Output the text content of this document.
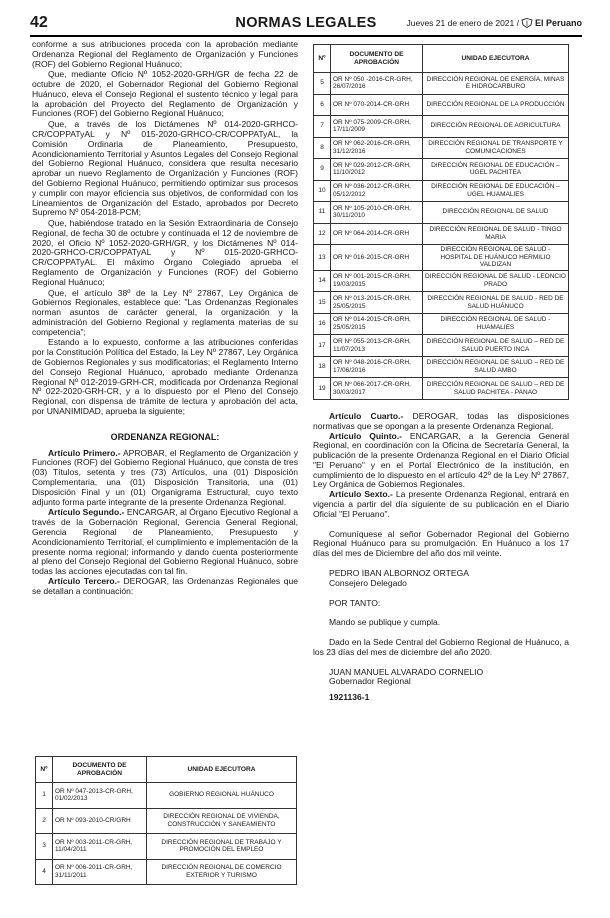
42	NORMAS LEGALES	Jueves 21 de enero de 2021 / El Peruano

conforme a sus atribuciones proceda con la aprobación mediante Ordenanza Regional del Reglamento de Organización y Funciones (ROF) del Gobierno Regional Huánuco;

Que, mediante Oficio Nº 1052-2020-GRH/GR de fecha 22 de octubre de 2020, el Gobernador Regional del Gobierno Regional Huánuco, eleva el Consejo Regional el sustento técnico y legal para la aprobación del Proyecto del Reglamento de Organización y Funciones (ROF) del Gobierno Regional Huánuco;

Que, a través de los Dictámenes Nº 014-2020-GRHCO-CR/COPPATyAL y Nº 015-2020-GRHCO-CR/COPPATyAL, la Comisión Ordinaria de Planeamiento, Presupuesto, Acondicionamiento Territorial y Asuntos Legales del Consejo Regional del Gobierno Regional Huánuco, considera que resulta necesario aprobar un nuevo Reglamento de Organización y Funciones (ROF) del Gobierno Regional Huánuco, permitiendo optimizar sus procesos y cumplir con mayor eficiencia sus objetivos, de conformidad con los Lineamientos de Organización del Estado, aprobados por Decreto Supremo Nº 054-2018-PCM;

Que, habiéndose tratado en la Sesión Extraordinaria de Consejo Regional, de fecha 30 de octubre y continuada el 12 de noviembre de 2020, el Oficio Nº 1052-2020-GRH/GR, y los Dictámenes Nº 014-2020-GRHCO-CR/COPPATyAL y Nº 015-2020-GRHCO-CR/COPPATyAL. El máximo Órgano Colegiado aprueba el Reglamento de Organización y Funciones (ROF) del Gobierno Regional Huánuco;

Que, el artículo 38º de la Ley Nº 27867, Ley Orgánica de Gobiernos Regionales, establece que: "Las Ordenanzas Regionales norman asuntos de carácter general, la organización y la administración del Gobierno Regional y reglamenta materias de su competencia";

Estando a lo expuesto, conforme a las atribuciones conferidas por la Constitución Política del Estado, la Ley Nº 27867, Ley Orgánica de Gobiernos Regionales y sus modificatorias; el Reglamento Interno del Consejo Regional Huánuco, aprobado mediante Ordenanza Regional Nº 012-2019-GRH-CR, modificada por Ordenanza Regional Nº 022-2020-GRH-CR, y a lo dispuesto por el Pleno del Consejo Regional, con dispensa de trámite de lectura y aprobación del acta, por UNANIMIDAD, aprueba la siguiente;

ORDENANZA REGIONAL:

Artículo Primero.- APROBAR, el Reglamento de Organización y Funciones (ROF) del Gobierno Regional Huánuco, que consta de tres (03) Títulos, setenta y tres (73) Artículos, una (01) Disposición Complementaria, una (01) Disposición Transitoria, una (01) Disposición Final y un (01) Organigrama Estructural, cuyo texto adjunto forma parte integrante de la presente Ordenanza Regional.

Artículo Segundo.- ENCARGAR, al Órgano Ejecutivo Regional a través de la Gobernación Regional, Gerencia General Regional, Gerencia Regional de Planeamiento, Presupuesto y Acondicionamiento Territorial, el cumplimiento e implementación de la presente norma regional; informando y dando cuenta posteriormente al pleno del Consejo Regional del Gobierno Regional Huánuco, sobre todas las acciones ejecutadas con tal fin.

Artículo Tercero.- DEROGAR, las Ordenanzas Regionales que se detallan a continuación:

Nº	DOCUMENTO DE APROBACIÓN	UNIDAD EJECUTORA
5	OR Nº 050 -2016-CR-GRH, 26/07/2016	DIRECCIÓN REGIONAL DE ENERGÍA, MINAS E HIDROCARBURO
6	OR Nº 070-2014-CR-GRH	DIRECCIÓN REGIONAL DE LA PRODUCCIÓN
7	OR Nº 075-2009-CR-GRH, 17/11/2009	DIRECCIÓN REGIONAL DE AGRICULTURA
8	OR Nº 062-2016-CR-GRH, 31/12/2016	DIRECCIÓN REGIONAL DE TRANSPORTE Y COMUNICACIONES
9	OR Nº 029-2012-CR-GRH, 11/10/2012	DIRECCIÓN REGIONAL DE EDUCACIÓN – UGEL PACHITEA
10	OR Nº 036-2012-CR-GRH, 05/12/2012	DIRECCIÓN REGIONAL DE EDUCACIÓN – UGEL HUAMALIES
11	OR Nº 105-2010-CR-GRH, 30/11/2010	DIRECCIÓN REGIONAL DE SALUD
12	OR Nº 064-2014-CR-GRH	DIRECCIÓN REGIONAL DE SALUD - TINGO MARIA
13	OR Nº 016-2015-CR-GRH	DIRECCIÓN REGIONAL DE SALUD - HOSPITAL DE HUÁNUCO HERMILIO VALDIZAN
14	OR Nº 001-2015-CR-GRH, 19/03/2015	DIRECCIÓN REGIONAL DE SALUD - LEONCIO PRADO
15	OR Nº 013-2015-CR-GRH, 25/05/2015	DIRECCIÓN REGIONAL DE SALUD - RED DE SALUD HUÁNUCO
16	OR Nº 014-2015-CR-GRH, 25/05/2015	DIRECCIÓN REGIONAL DE SALUD - HUAMALIES
17	OR Nº 055-2013-CR-GRH, 11/07/2013	DIRECCIÓN REGIONAL DE SALUD – RED DE SALUD PUERTO INCA
18	OR Nº 048-2016-CR-GRH, 17/06/2016	DIRECCIÓN REGIONAL DE SALUD – RED DE SALUD AMBO
19	OR Nº 066-2017-CR-GRH, 30/03/2017	DIRECCIÓN REGIONAL DE SALUD – RED DE SALUD PACHITEA - PANAO
Nº	DOCUMENTO DE APROBACIÓN	UNIDAD EJECUTORA
1	OR Nº 047-2013-CR-GRH, 01/02/2013	GOBIERNO REGIONAL HUÁNUCO
2	OR Nº 093-2010-CR/GRH	DIRECCIÓN REGIONAL DE VIVIENDA, CONSTRUCCIÓN Y SANEAMIENTO
3	OR Nº 003-2011-CR-GRH, 11/04/2011	DIRECCIÓN REGIONAL DE TRABAJO Y PROMOCIÓN DEL EMPLEO
4	OR Nº 006-2011-CR-GRH, 31/11/2011	DIRECCIÓN REGIONAL DE COMERCIO EXTERIOR Y TURISMO

Artículo Cuarto.- DEROGAR, todas las disposiciones normativas que se opongan a la presente Ordenanza Regional.

Artículo Quinto.- ENCARGAR, a la Gerencia General Regional, en coordinación con la Oficina de Secretaría General, la publicación de la presente Ordenanza Regional en el Diario Oficial "El Peruano" y en el Portal Electrónico de la institución, en cumplimiento de lo dispuesto en el artículo 42º de la Ley Nº 27867, Ley Orgánica de Gobiernos Regionales.

Artículo Sexto.- La presente Ordenanza Regional, entrará en vigencia a partir del día siguiente de su publicación en el Diario Oficial "El Peruano".

Comuníquese al señor Gobernador Regional del Gobierno Regional Huánuco para su promulgación. En Huánuco a los 17 días del mes de Diciembre del año dos mil veinte.

PEDRO IBAN ALBORNOZ ORTEGA

Consejero Delegado

POR TANTO:

Mando se publique y cumpla.

Dado en la Sede Central del Gobierno Regional de Huánuco, a los 23 días del mes de diciembre del año 2020.

JUAN MANUEL ALVARADO CORNELIO

Gobernador Regional

1921136-1
